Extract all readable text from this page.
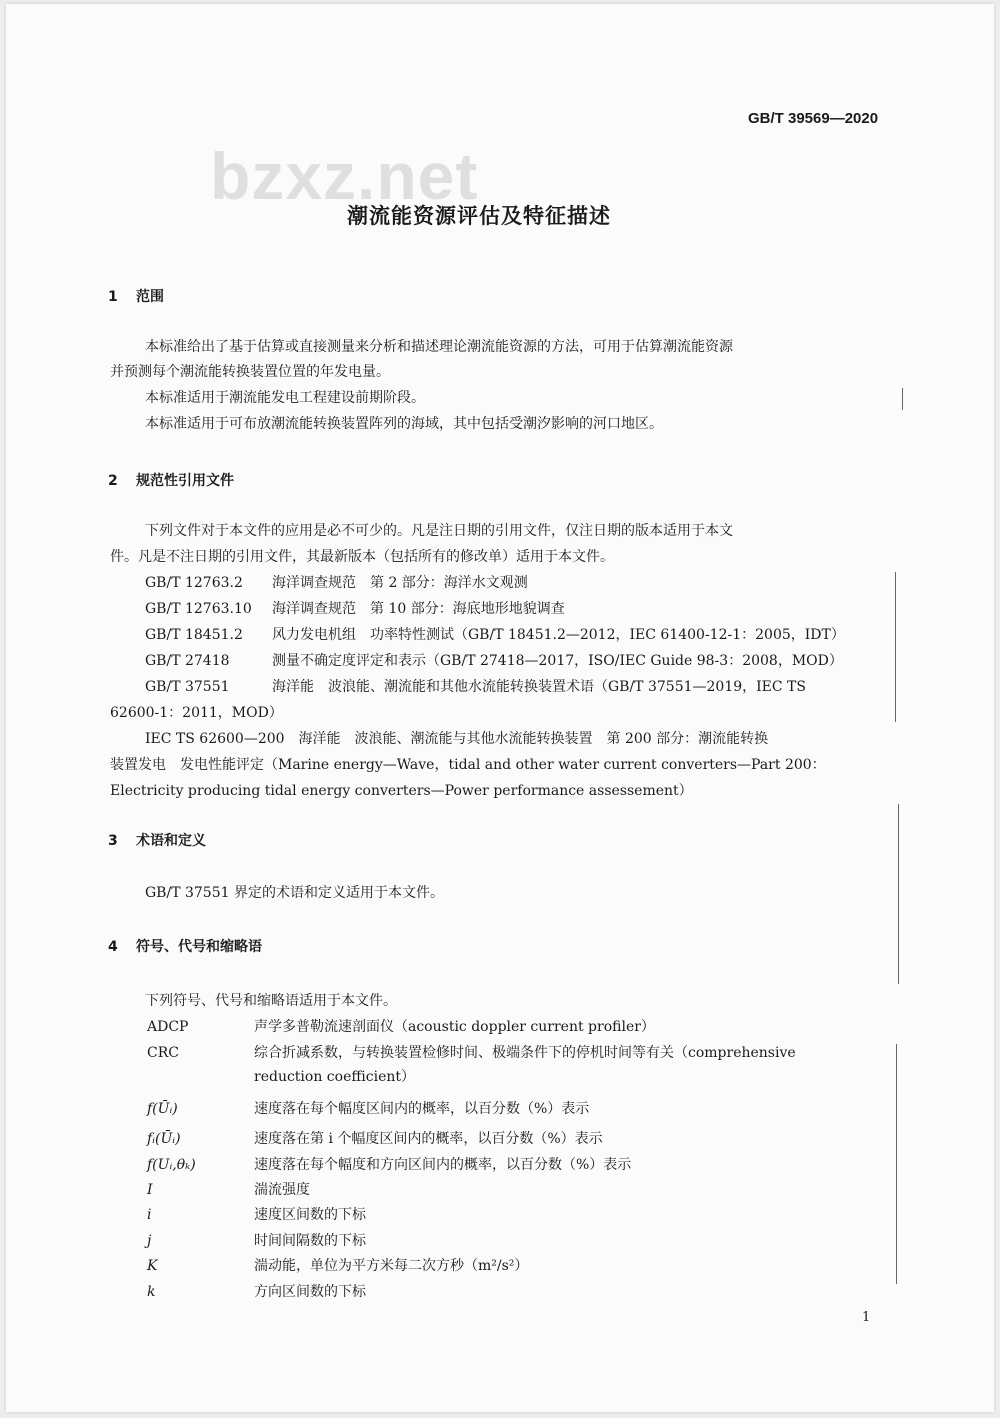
bzxz.net
GB/T 39569—2020
潮流能资源评估及特征描述
1 范围
本标准给出了基于估算或直接测量来分析和描述理论潮流能资源的方法，可用于估算潮流能资源
并预测每个潮流能转换装置位置的年发电量。
本标准适用于潮流能发电工程建设前期阶段。
本标准适用于可布放潮流能转换装置阵列的海域，其中包括受潮汐影响的河口地区。
2 规范性引用文件
下列文件对于本文件的应用是必不可少的。凡是注日期的引用文件，仅注日期的版本适用于本文
件。凡是不注日期的引用文件，其最新版本（包括所有的修改单）适用于本文件。
GB/T 12763.2 海洋调查规范　第 2 部分：海洋水文观测
GB/T 12763.10 海洋调查规范　第 10 部分：海底地形地貌调查
GB/T 18451.2 风力发电机组　功率特性测试（GB/T 18451.2—2012，IEC 61400-12-1：2005，IDT）
GB/T 27418	测量不确定度评定和表示（GB/T 27418—2017，ISO/IEC Guide 98-3：2008，MOD）
GB/T 37551	海洋能　波浪能、潮流能和其他水流能转换装置术语（GB/T 37551—2019，IEC TS
62600-1：2011，MOD）
IEC TS 62600—200　海洋能　波浪能、潮流能与其他水流能转换装置　第 200 部分：潮流能转换
装置发电　发电性能评定（Marine energy—Wave，tidal and other water current converters—Part 200：
Electricity producing tidal energy converters—Power performance assessement）
3 术语和定义
GB/T 37551 界定的术语和定义适用于本文件。
4 符号、代号和缩略语
下列符号、代号和缩略语适用于本文件。
ADCP	声学多普勒流速剖面仪（acoustic doppler current profiler）
CRC	综合折减系数，与转换装置检修时间、极端条件下的停机时间等有关（comprehensive
reduction coefficient）
f(Ūᵢ)	速度落在每个幅度区间内的概率，以百分数（%）表示
fᵢ(Ūᵢ)	速度落在第 i 个幅度区间内的概率，以百分数（%）表示
f(Uᵢ,θₖ)	速度落在每个幅度和方向区间内的概率，以百分数（%）表示
I	湍流强度
i	速度区间数的下标
j	时间间隔数的下标
K	湍动能，单位为平方米每二次方秒（m²/s²）
k	方向区间数的下标
1
